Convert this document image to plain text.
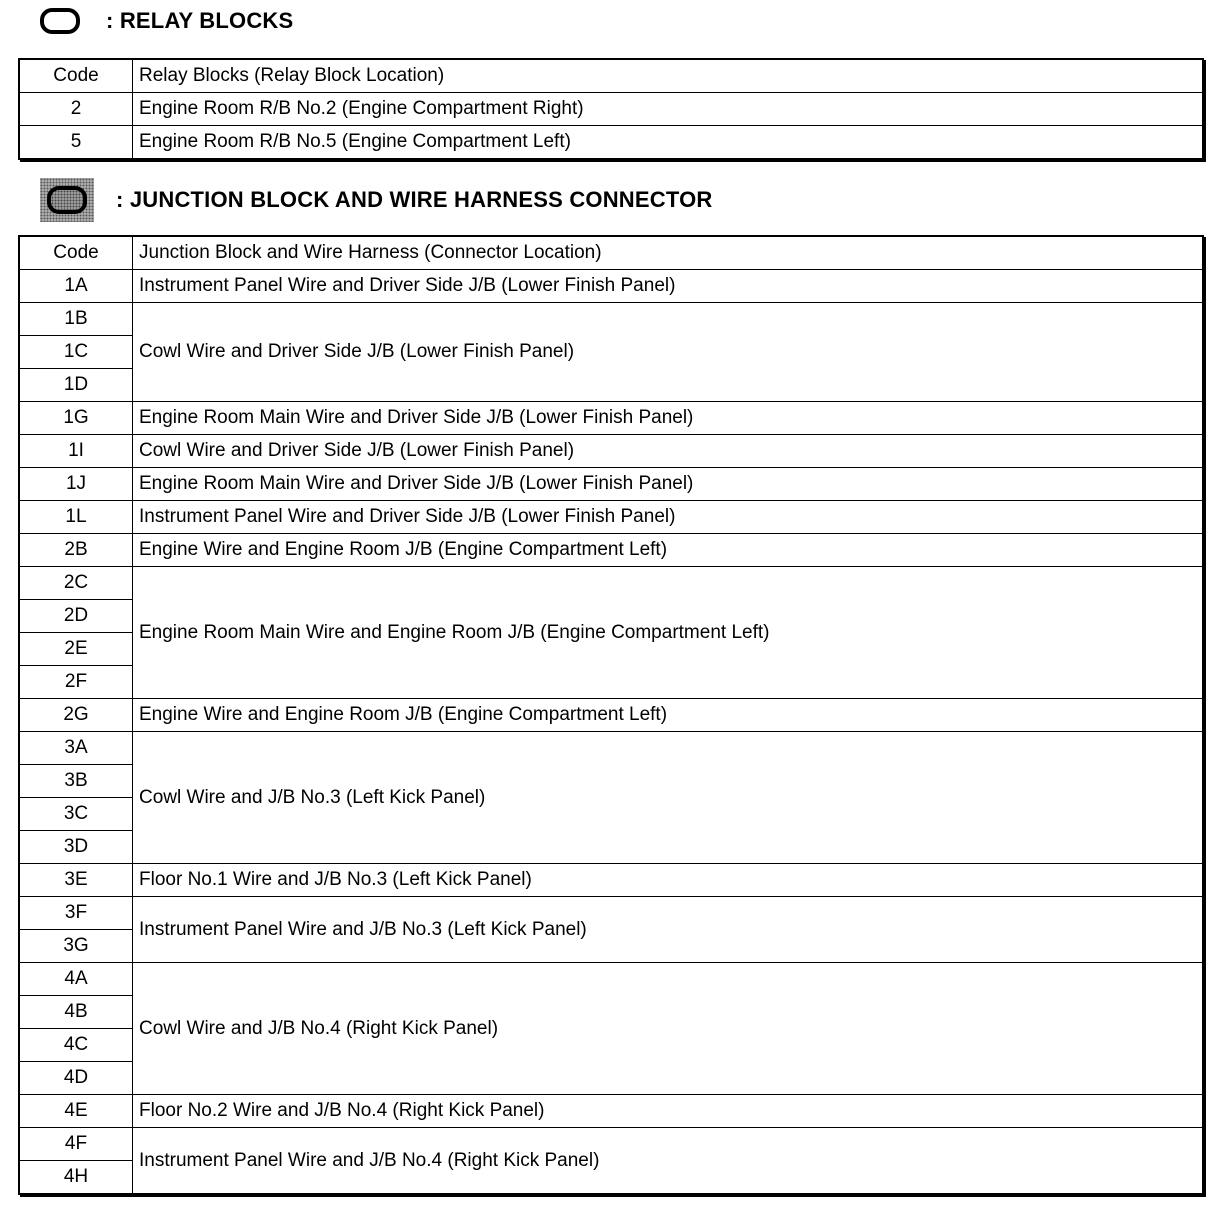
: RELAY BLOCKS
Code	Relay Blocks (Relay Block Location)
2	Engine Room R/B No.2 (Engine Compartment Right)
5	Engine Room R/B No.5 (Engine Compartment Left)
: JUNCTION BLOCK AND WIRE HARNESS CONNECTOR
Code	Junction Block and Wire Harness (Connector Location)
1A	Instrument Panel Wire and Driver Side J/B (Lower Finish Panel)
1B	Cowl Wire and Driver Side J/B (Lower Finish Panel)
1C	
1D	
1G	Engine Room Main Wire and Driver Side J/B (Lower Finish Panel)
1I	Cowl Wire and Driver Side J/B (Lower Finish Panel)
1J	Engine Room Main Wire and Driver Side J/B (Lower Finish Panel)
1L	Instrument Panel Wire and Driver Side J/B (Lower Finish Panel)
2B	Engine Wire and Engine Room J/B (Engine Compartment Left)
2C	Engine Room Main Wire and Engine Room J/B (Engine Compartment Left)
2D	
2E	
2F	
2G	Engine Wire and Engine Room J/B (Engine Compartment Left)
3A	Cowl Wire and J/B No.3 (Left Kick Panel)
3B	
3C	
3D	
3E	Floor No.1 Wire and J/B No.3 (Left Kick Panel)
3F	Instrument Panel Wire and J/B No.3 (Left Kick Panel)
3G	
4A	Cowl Wire and J/B No.4 (Right Kick Panel)
4B	
4C	
4D	
4E	Floor No.2 Wire and J/B No.4 (Right Kick Panel)
4F	Instrument Panel Wire and J/B No.4 (Right Kick Panel)
4H	
